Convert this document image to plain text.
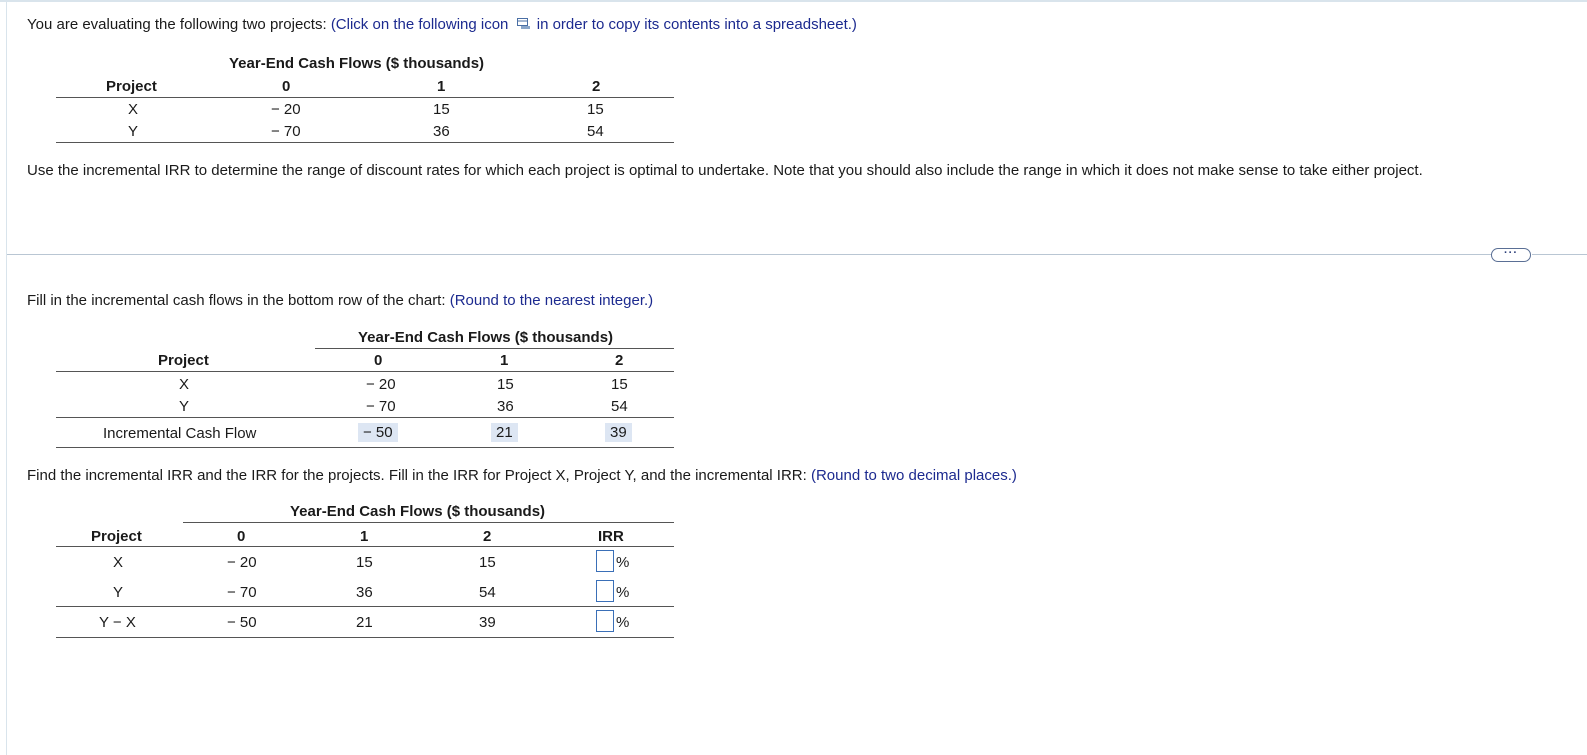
You are evaluating the following two projects: (Click on the following icon in order to copy its contents into a spreadsheet.)
Year-End Cash Flows ($ thousands)
Project	0	1	2
X	− 20	15	15
Y	− 70	36	54
Use the incremental IRR to determine the range of discount rates for which each project is optimal to undertake. Note that you should also include the range in which it does not make sense to take either project.
···
Fill in the incremental cash flows in the bottom row of the chart: (Round to the nearest integer.)
Year-End Cash Flows ($ thousands)
Project	0	1	2
X	− 20	15	15
Y	− 70	36	54
Incremental Cash Flow	− 50	21	39
Find the incremental IRR and the IRR for the projects. Fill in the IRR for Project X, Project Y, and the incremental IRR: (Round to two decimal places.)
Year-End Cash Flows ($ thousands)
Project	0	1	2	IRR
X	− 20	15	15	%
Y	− 70	36	54	%
Y − X	− 50	21	39	%
